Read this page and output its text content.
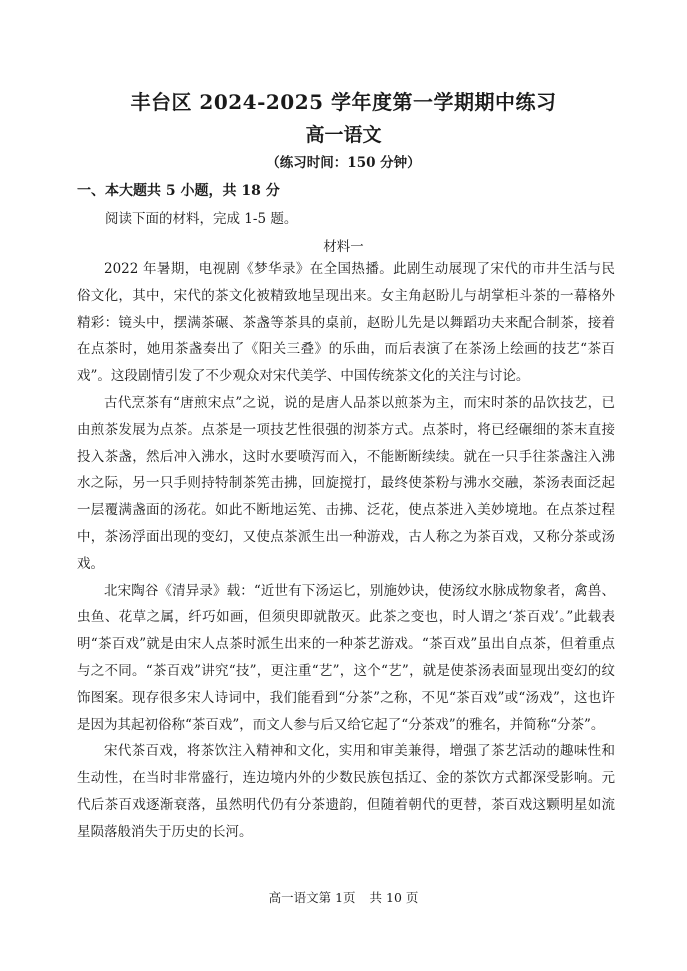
丰台区 2024-2025 学年度第一学期期中练习
高一语文
（练习时间：150 分钟）
一、本大题共 5 小题，共 18 分
阅读下面的材料，完成 1-5 题。
材料一

2022 年暑期，电视剧《梦华录》在全国热播。此剧生动展现了宋代的市井生活与民俗文化，其中，宋代的茶文化被精致地呈现出来。女主角赵盼儿与胡掌柜斗茶的一幕格外精彩：镜头中，摆满茶碾、茶盏等茶具的桌前，赵盼儿先是以舞蹈功夫来配合制茶，接着在点茶时，她用茶盏奏出了《阳关三叠》的乐曲，而后表演了在茶汤上绘画的技艺“茶百戏”。这段剧情引发了不少观众对宋代美学、中国传统茶文化的关注与讨论。

古代烹茶有“唐煎宋点”之说，说的是唐人品茶以煎茶为主，而宋时茶的品饮技艺，已由煎茶发展为点茶。点茶是一项技艺性很强的沏茶方式。点茶时，将已经碾细的茶末直接投入茶盏，然后冲入沸水，这时水要喷泻而入，不能断断续续。就在一只手往茶盏注入沸水之际，另一只手则持特制茶筅击拂，回旋搅打，最终使茶粉与沸水交融，茶汤表面泛起一层覆满盏面的汤花。如此不断地运筅、击拂、泛花，使点茶进入美妙境地。在点茶过程中，茶汤浮面出现的变幻，又使点茶派生出一种游戏，古人称之为茶百戏，又称分茶或汤戏。

北宋陶谷《清异录》载：“近世有下汤运匕，别施妙诀，使汤纹水脉成物象者，禽兽、虫鱼、花草之属，纤巧如画，但须臾即就散灭。此茶之变也，时人谓之‘茶百戏’。”此载表明“茶百戏”就是由宋人点茶时派生出来的一种茶艺游戏。“茶百戏”虽出自点茶，但着重点与之不同。“茶百戏”讲究“技”，更注重“艺”，这个“艺”，就是使茶汤表面显现出变幻的纹饰图案。现存很多宋人诗词中，我们能看到“分茶”之称，不见“茶百戏”或“汤戏”，这也许是因为其起初俗称“茶百戏”，而文人参与后又给它起了“分茶戏”的雅名，并简称“分茶”。

宋代茶百戏，将茶饮注入精神和文化，实用和审美兼得，增强了茶艺活动的趣味性和生动性，在当时非常盛行，连边境内外的少数民族包括辽、金的茶饮方式都深受影响。元代后茶百戏逐渐衰落，虽然明代仍有分茶遗韵，但随着朝代的更替，茶百戏这颗明星如流星陨落般消失于历史的长河。

高一语文第 1页 共 10 页
